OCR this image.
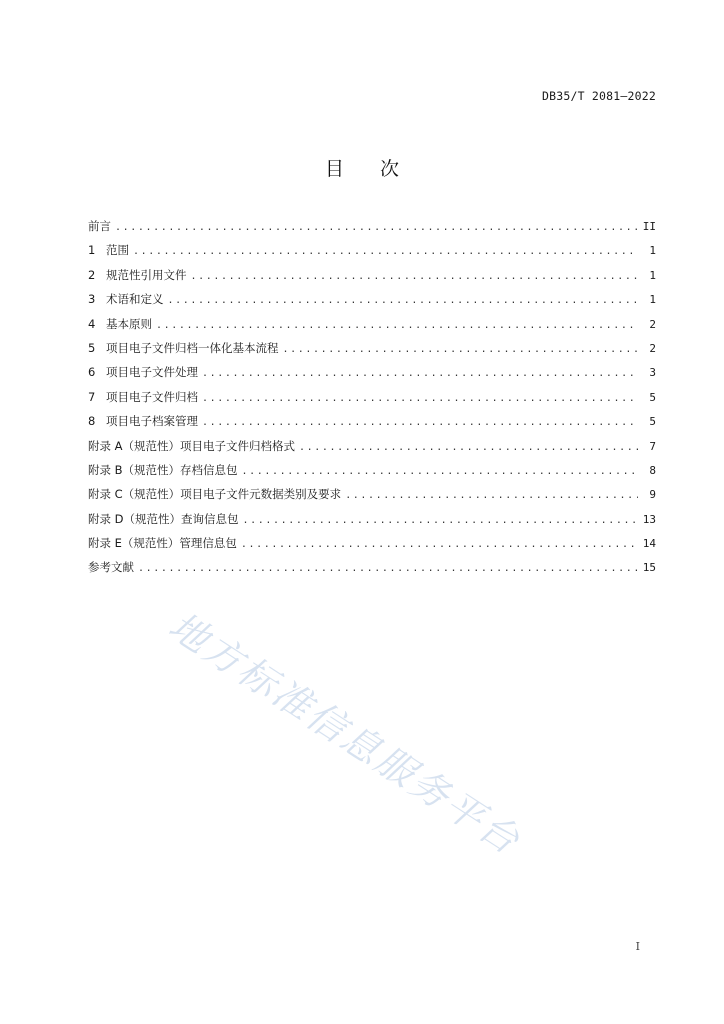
DB35/T 2081—2022
目 次
前言 .....	II
1 范围 .....	1
2 规范性引用文件 .....	1
3 术语和定义 .....	1
4 基本原则 .....	2
5 项目电子文件归档一体化基本流程 .....	2
6 项目电子文件处理 .....	3
7 项目电子文件归档 .....	5
8 项目电子档案管理 .....	5
附录 A（规范性） 项目电子文件归档格式 .....	7
附录 B（规范性） 存档信息包 .....	8
附录 C（规范性） 项目电子文件元数据类别及要求 .....	9
附录 D（规范性） 查询信息包 .....	13
附录 E（规范性） 管理信息包 .....	14
参考文献 .....	15
地方标准信息服务平台
I
